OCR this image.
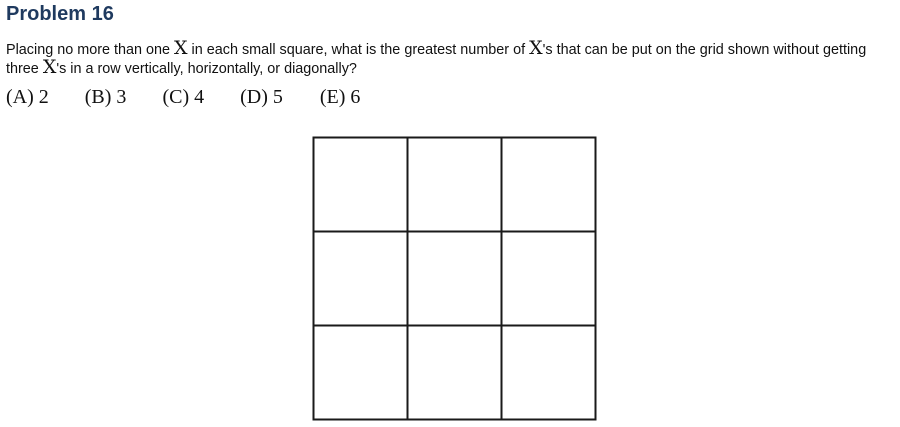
Problem 16

Placing no more than one X in each small square, what is the greatest number of X's that can be put on the grid shown without getting three X's in a row vertically, horizontally, or diagonally?

(A) 2 (B) 3 (C) 4 (D) 5 (E) 6
